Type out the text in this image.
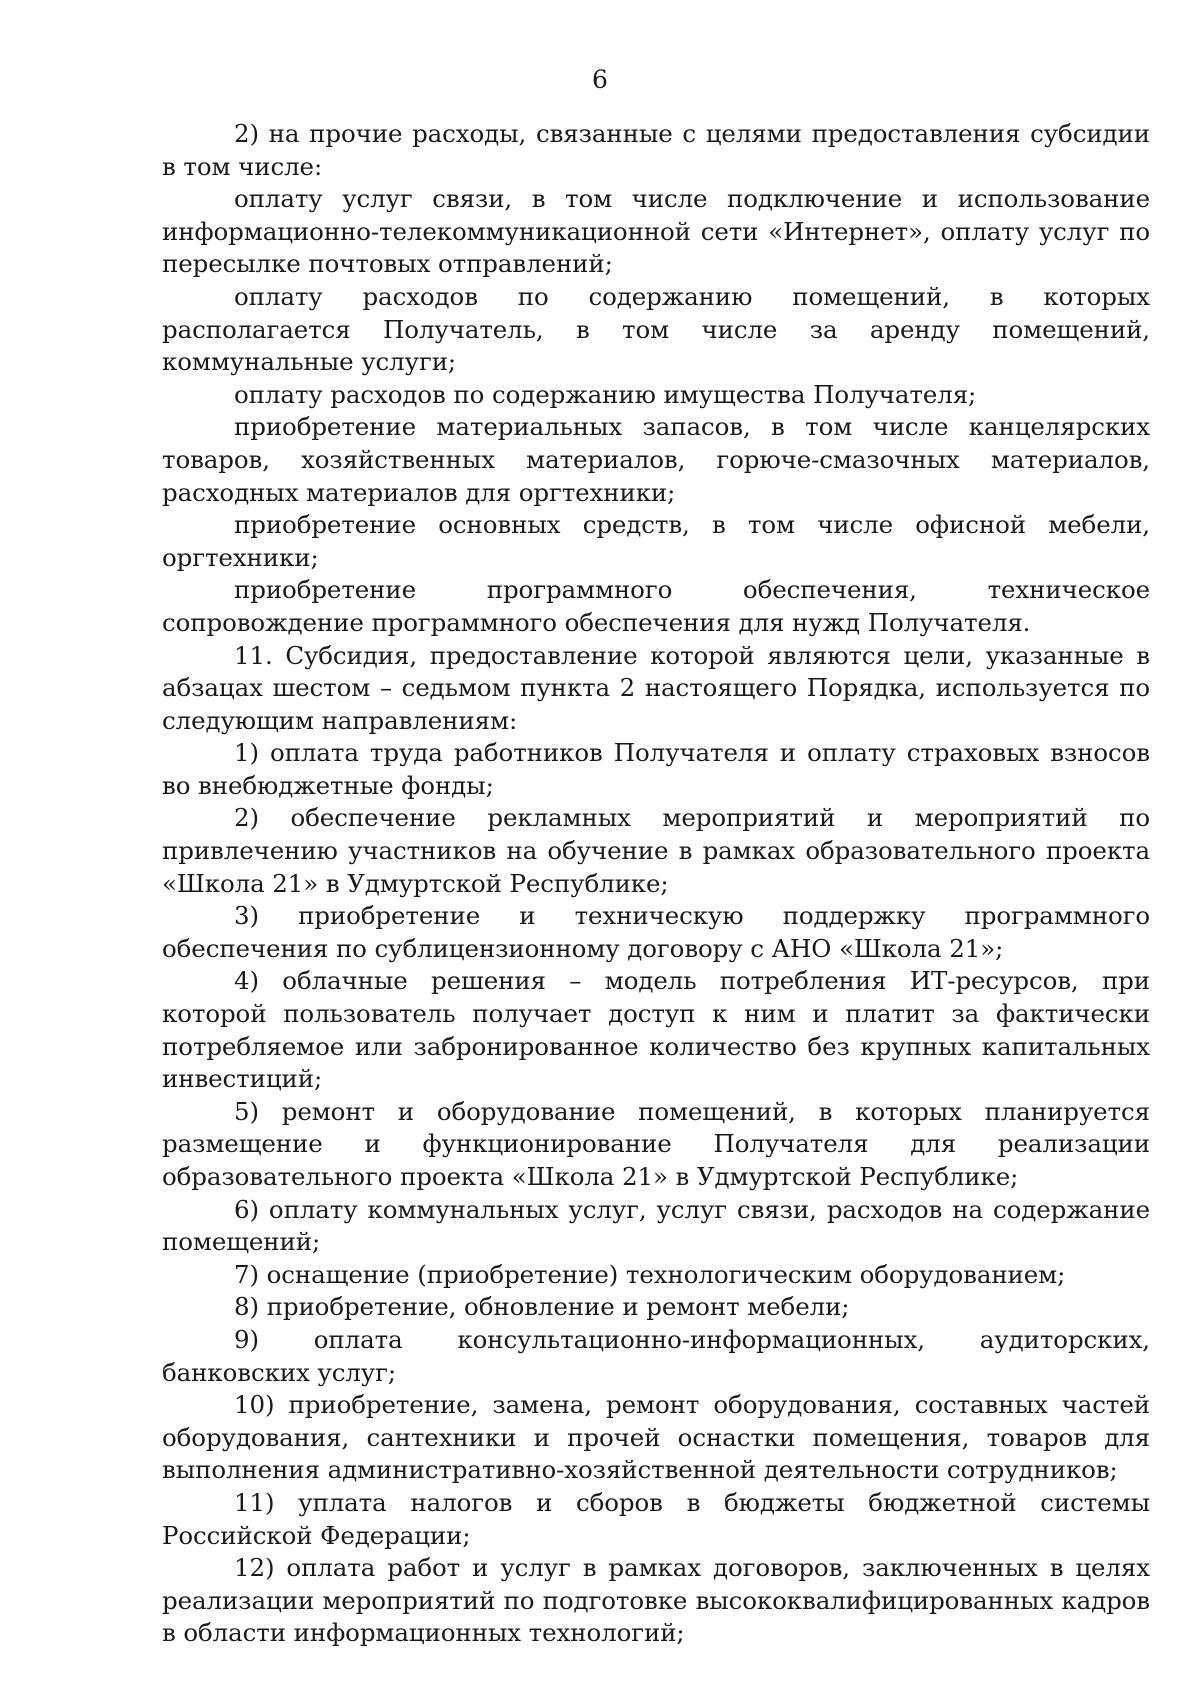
6

2) на прочие расходы, связанные с целями предоставления субсидии в том числе:

оплату услуг связи, в том числе подключение и использование информационно-телекоммуникационной сети «Интернет», оплату услуг по пересылке почтовых отправлений;

оплату расходов по содержанию помещений, в которых располагается Получатель, в том числе за аренду помещений, коммунальные услуги;

оплату расходов по содержанию имущества Получателя;

приобретение материальных запасов, в том числе канцелярских товаров, хозяйственных материалов, горюче-смазочных материалов, расходных материалов для оргтехники;

приобретение основных средств, в том числе офисной мебели, оргтехники;

приобретение программного обеспечения, техническое сопровождение программного обеспечения для нужд Получателя.

11. Субсидия, предоставление которой являются цели, указанные в абзацах шестом – седьмом пункта 2 настоящего Порядка, используется по следующим направлениям:

1) оплата труда работников Получателя и оплату страховых взносов во внебюджетные фонды;

2) обеспечение рекламных мероприятий и мероприятий по привлечению участников на обучение в рамках образовательного проекта «Школа 21» в Удмуртской Республике;

3) приобретение и техническую поддержку программного обеспечения по сублицензионному договору с АНО «Школа 21»;

4) облачные решения – модель потребления ИТ-ресурсов, при которой пользователь получает доступ к ним и платит за фактически потребляемое или забронированное количество без крупных капитальных инвестиций;

5) ремонт и оборудование помещений, в которых планируется размещение и функционирование Получателя для реализации образовательного проекта «Школа 21» в Удмуртской Республике;

6) оплату коммунальных услуг, услуг связи, расходов на содержание помещений;

7) оснащение (приобретение) технологическим оборудованием;

8) приобретение, обновление и ремонт мебели;

9) оплата консультационно-информационных, аудиторских, банковских услуг;

10) приобретение, замена, ремонт оборудования, составных частей оборудования, сантехники и прочей оснастки помещения, товаров для выполнения административно-хозяйственной деятельности сотрудников;

11) уплата налогов и сборов в бюджеты бюджетной системы Российской Федерации;

12) оплата работ и услуг в рамках договоров, заключенных в целях реализации мероприятий по подготовке высококвалифицированных кадров в области информационных технологий;
